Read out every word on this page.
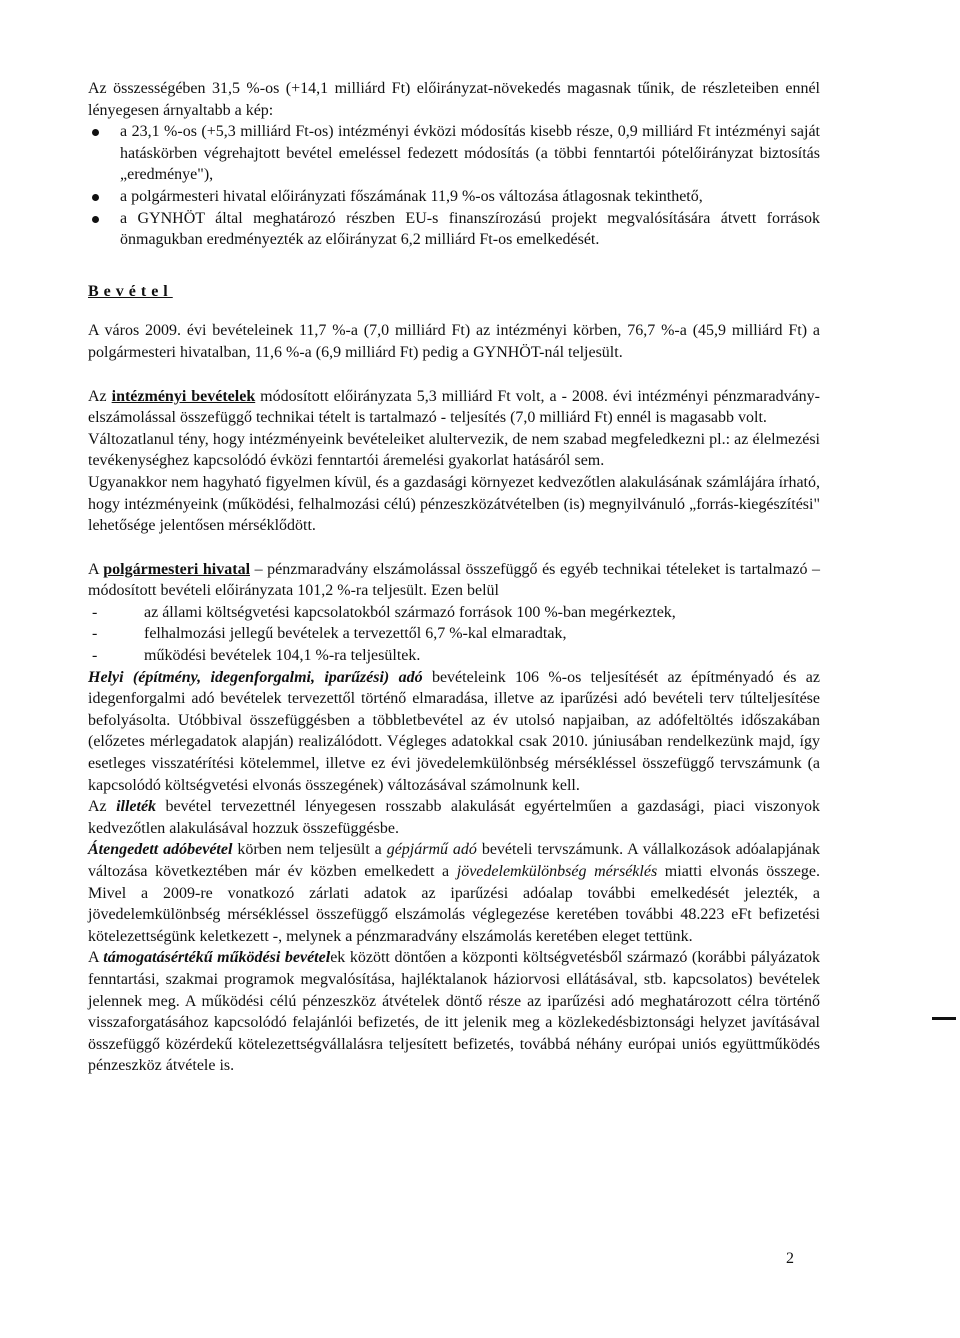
Az összességében 31,5 %-os (+14,1 milliárd Ft) előirányzat-növekedés magasnak tűnik, de részleteiben ennél lényegesen árnyaltabb a kép:

a 23,1 %-os (+5,3 milliárd Ft-os) intézményi évközi módosítás kisebb része, 0,9 milliárd Ft intézményi saját hatáskörben végrehajtott bevétel emeléssel fedezett módosítás (a többi fenntartói pótelőirányzat biztosítás „eredménye"),
a polgármesteri hivatal előirányzati főszámának 11,9 %-os változása átlagosnak tekinthető,
a GYNHÖT által meghatározó részben EU-s finanszírozású projekt megvalósítására átvett források önmagukban eredményezték az előirányzat 6,2 milliárd Ft-os emelkedését.

Bevétel

A város 2009. évi bevételeinek 11,7 %-a (7,0 milliárd Ft) az intézményi körben, 76,7 %-a (45,9 milliárd Ft) a polgármesteri hivatalban, 11,6 %-a (6,9 milliárd Ft) pedig a GYNHÖT-nál teljesült.

Az intézményi bevételek módosított előirányzata 5,3 milliárd Ft volt, a - 2008. évi intézményi pénzmaradvány-elszámolással összefüggő technikai tételt is tartalmazó - teljesítés (7,0 milliárd Ft) ennél is magasabb volt.

Változatlanul tény, hogy intézményeink bevételeiket alultervezik, de nem szabad megfeledkezni pl.: az élelmezési tevékenységhez kapcsolódó évközi fenntartói áremelési gyakorlat hatásáról sem.

Ugyanakkor nem hagyható figyelmen kívül, és a gazdasági környezet kedvezőtlen alakulásának számlájára írható, hogy intézményeink (működési, felhalmozási célú) pénzeszközátvételben (is) megnyilvánuló „forrás-kiegészítési" lehetősége jelentősen mérséklődött.

A polgármesteri hivatal – pénzmaradvány elszámolással összefüggő és egyéb technikai tételeket is tartalmazó – módosított bevételi előirányzata 101,2 %-ra teljesült. Ezen belül

- az állami költségvetési kapcsolatokból származó források 100 %-ban megérkeztek,
- felhalmozási jellegű bevételek a tervezettől 6,7 %-kal elmaradtak,
- működési bevételek 104,1 %-ra teljesültek.

Helyi (építmény, idegenforgalmi, iparűzési) adó bevételeink 106 %-os teljesítését az építményadó és az idegenforgalmi adó bevételek tervezettől történő elmaradása, illetve az iparűzési adó bevételi terv túlteljesítése befolyásolta. Utóbbival összefüggésben a többletbevétel az év utolsó napjaiban, az adófeltöltés időszakában (előzetes mérlegadatok alapján) realizálódott. Végleges adatokkal csak 2010. júniusában rendelkezünk majd, így esetleges visszatérítési kötelemmel, illetve ez évi jövedelemkülönbség mérsékléssel összefüggő tervszámunk (a kapcsolódó költségvetési elvonás összegének) változásával számolnunk kell.

Az illeték bevétel tervezettnél lényegesen rosszabb alakulását egyértelműen a gazdasági, piaci viszonyok kedvezőtlen alakulásával hozzuk összefüggésbe.

Átengedett adóbevétel körben nem teljesült a gépjármű adó bevételi tervszámunk. A vállalkozások adóalapjának változása következtében már év közben emelkedett a jövedelemkülönbség mérséklés miatti elvonás összege. Mivel a 2009-re vonatkozó zárlati adatok az iparűzési adóalap további emelkedését jelezték, a jövedelemkülönbség mérsékléssel összefüggő elszámolás véglegezése keretében további 48.223 eFt befizetési kötelezettségünk keletkezett -, melynek a pénzmaradvány elszámolás keretében eleget tettünk.

A támogatásértékű működési bevételek között döntően a központi költségvetésből származó (korábbi pályázatok fenntartási, szakmai programok megvalósítása, hajléktalanok háziorvosi ellátásával, stb. kapcsolatos) bevételek jelennek meg. A működési célú pénzeszköz átvételek döntő része az iparűzési adó meghatározott célra történő visszaforgatásához kapcsolódó felajánlói befizetés, de itt jelenik meg a közlekedésbiztonsági helyzet javításával összefüggő közérdekű kötelezettségvállalásra teljesített befizetés, továbbá néhány európai uniós együttműködés pénzeszköz átvétele is.

2
